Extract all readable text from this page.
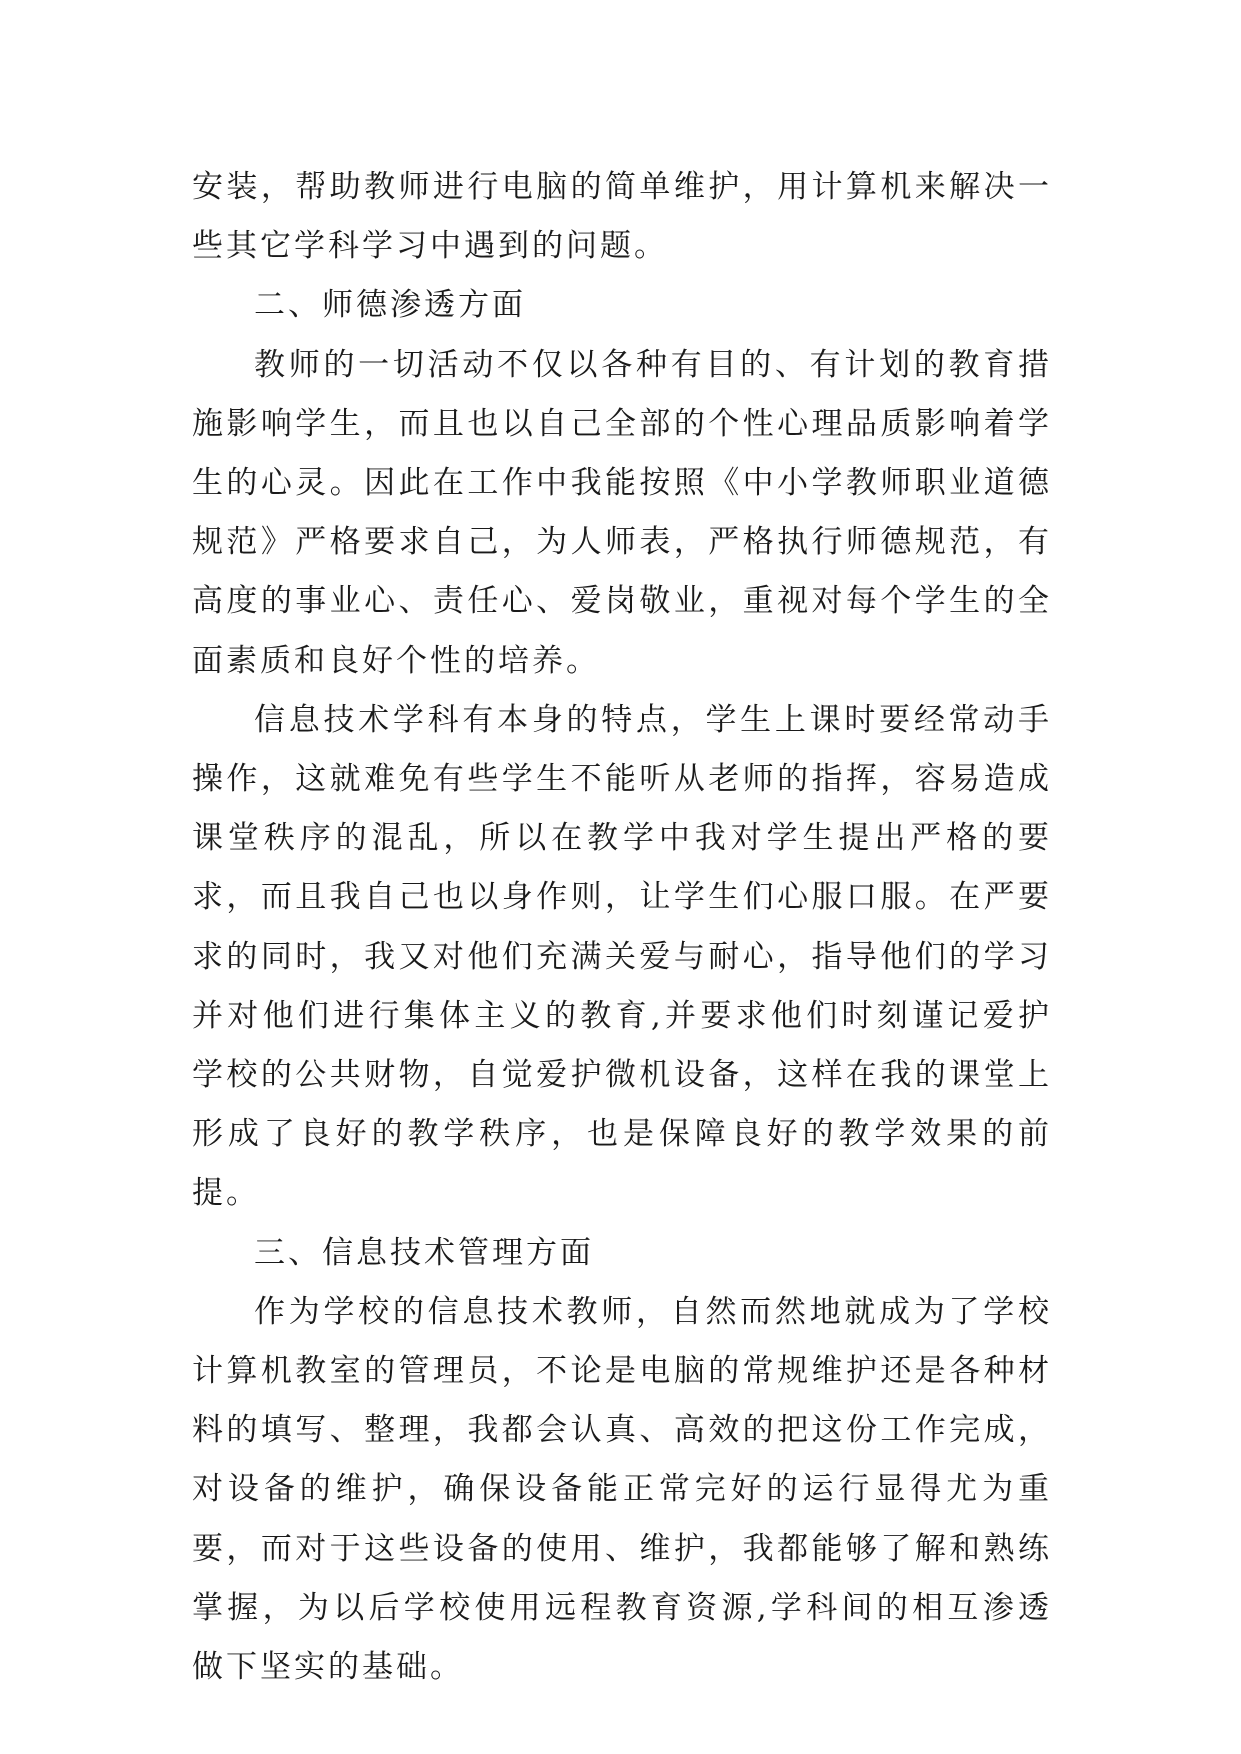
安装，帮助教师进行电脑的简单维护，用计算机来解决一些其它学科学习中遇到的问题。

二、师德渗透方面

教师的一切活动不仅以各种有目的、有计划的教育措施影响学生，而且也以自己全部的个性心理品质影响着学生的心灵。因此在工作中我能按照《中小学教师职业道德规范》严格要求自己，为人师表，严格执行师德规范，有高度的事业心、责任心、爱岗敬业，重视对每个学生的全面素质和良好个性的培养。

信息技术学科有本身的特点，学生上课时要经常动手操作，这就难免有些学生不能听从老师的指挥，容易造成课堂秩序的混乱，所以在教学中我对学生提出严格的要求，而且我自己也以身作则，让学生们心服口服。在严要求的同时，我又对他们充满关爱与耐心，指导他们的学习并对他们进行集体主义的教育,并要求他们时刻谨记爱护学校的公共财物，自觉爱护微机设备，这样在我的课堂上形成了良好的教学秩序，也是保障良好的教学效果的前提。

三、信息技术管理方面

作为学校的信息技术教师，自然而然地就成为了学校计算机教室的管理员，不论是电脑的常规维护还是各种材料的填写、整理，我都会认真、高效的把这份工作完成，对设备的维护，确保设备能正常完好的运行显得尤为重要，而对于这些设备的使用、维护，我都能够了解和熟练掌握，为以后学校使用远程教育资源,学科间的相互渗透做下坚实的基础。
